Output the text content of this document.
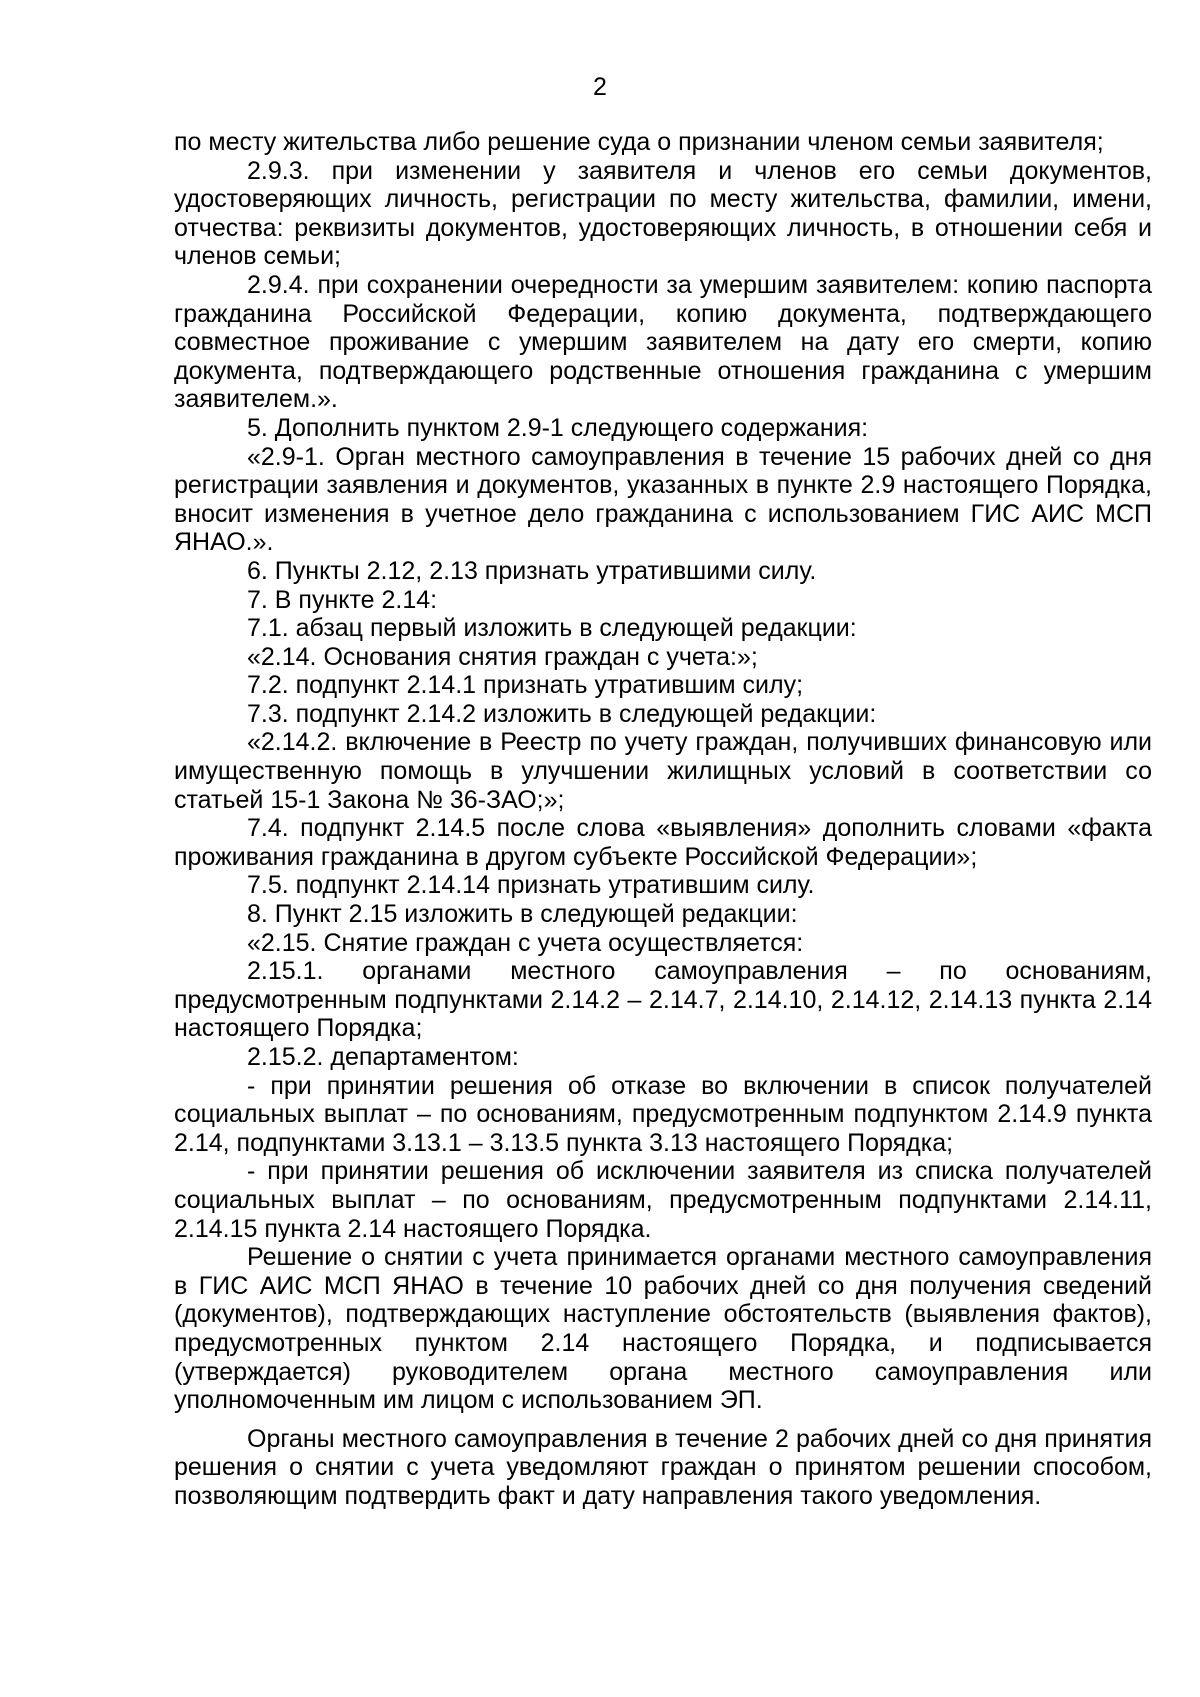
2

по месту жительства либо решение суда о признании членом семьи заявителя;

2.9.3. при изменении у заявителя и членов его семьи документов, удостоверяющих личность, регистрации по месту жительства, фамилии, имени, отчества: реквизиты документов, удостоверяющих личность, в отношении себя и членов семьи;

2.9.4. при сохранении очередности за умершим заявителем: копию паспорта гражданина Российской Федерации, копию документа, подтверждающего совместное проживание с умершим заявителем на дату его смерти, копию документа, подтверждающего родственные отношения гражданина с умершим заявителем.».

5. Дополнить пунктом 2.9-1 следующего содержания:

«2.9-1. Орган местного самоуправления в течение 15 рабочих дней со дня регистрации заявления и документов, указанных в пункте 2.9 настоящего Порядка, вносит изменения в учетное дело гражданина с использованием ГИС АИС МСП ЯНАО.».

6. Пункты 2.12, 2.13 признать утратившими силу.

7. В пункте 2.14:

7.1. абзац первый изложить в следующей редакции:

«2.14. Основания снятия граждан с учета:»;

7.2. подпункт 2.14.1 признать утратившим силу;

7.3. подпункт 2.14.2 изложить в следующей редакции:

«2.14.2. включение в Реестр по учету граждан, получивших финансовую или имущественную помощь в улучшении жилищных условий в соответствии со статьей 15-1 Закона № 36-ЗАО;»;

7.4. подпункт 2.14.5 после слова «выявления» дополнить словами «факта проживания гражданина в другом субъекте Российской Федерации»;

7.5. подпункт 2.14.14 признать утратившим силу.

8. Пункт 2.15 изложить в следующей редакции:

«2.15. Снятие граждан с учета осуществляется:

2.15.1. органами местного самоуправления – по основаниям, предусмотренным подпунктами 2.14.2 – 2.14.7, 2.14.10, 2.14.12, 2.14.13 пункта 2.14 настоящего Порядка;

2.15.2. департаментом:

- при принятии решения об отказе во включении в список получателей социальных выплат – по основаниям, предусмотренным подпунктом 2.14.9 пункта 2.14, подпунктами 3.13.1 – 3.13.5 пункта 3.13 настоящего Порядка;

- при принятии решения об исключении заявителя из списка получателей социальных выплат – по основаниям, предусмотренным подпунктами 2.14.11, 2.14.15 пункта 2.14 настоящего Порядка.

Решение о снятии с учета принимается органами местного самоуправления в ГИС АИС МСП ЯНАО в течение 10 рабочих дней со дня получения сведений (документов), подтверждающих наступление обстоятельств (выявления фактов), предусмотренных пунктом 2.14 настоящего Порядка, и подписывается (утверждается) руководителем органа местного самоуправления или уполномоченным им лицом с использованием ЭП.

Органы местного самоуправления в течение 2 рабочих дней со дня принятия решения о снятии с учета уведомляют граждан о принятом решении способом, позволяющим подтвердить факт и дату направления такого уведомления.
